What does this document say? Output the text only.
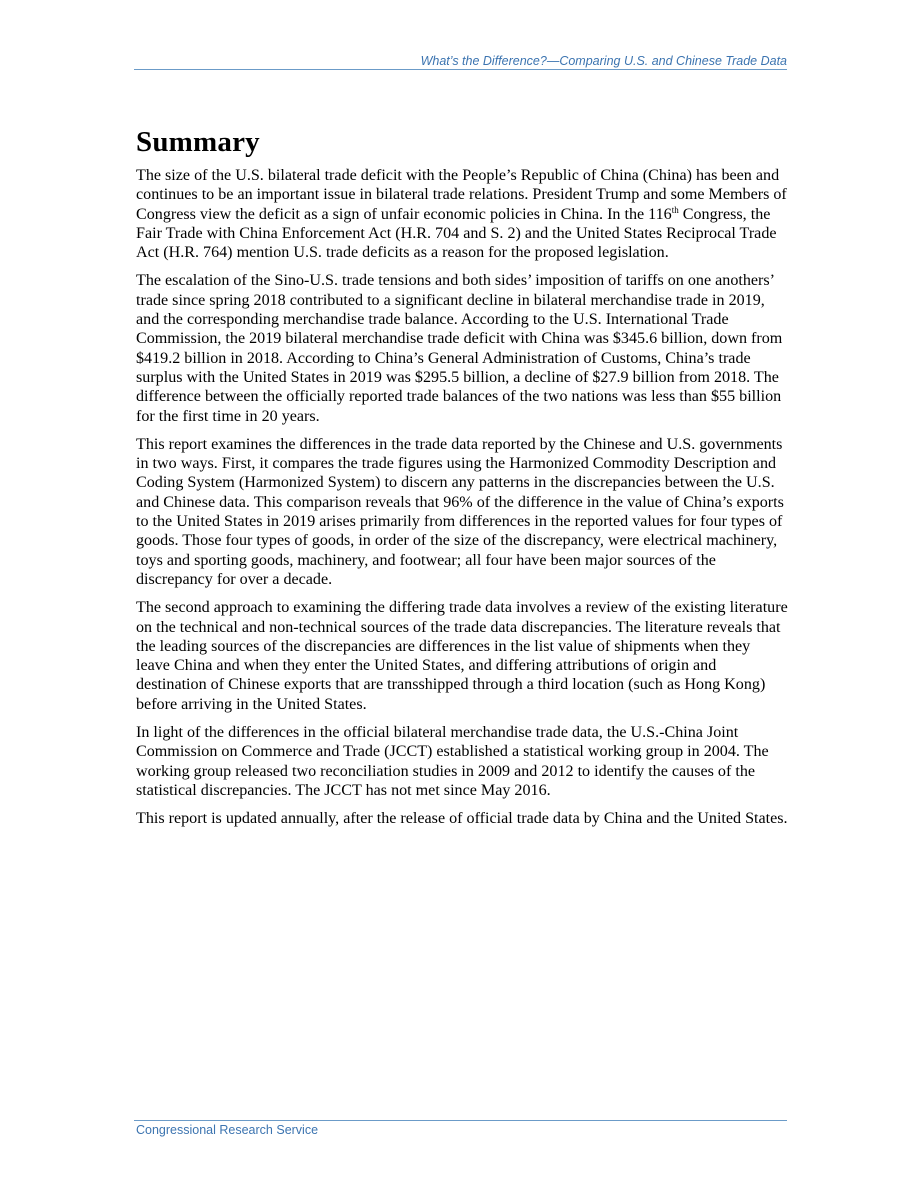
What’s the Difference?—Comparing U.S. and Chinese Trade Data
Summary

The size of the U.S. bilateral trade deficit with the People’s Republic of China (China) has been and continues to be an important issue in bilateral trade relations. President Trump and some Members of Congress view the deficit as a sign of unfair economic policies in China. In the 116th Congress, the Fair Trade with China Enforcement Act (H.R. 704 and S. 2) and the United States Reciprocal Trade Act (H.R. 764) mention U.S. trade deficits as a reason for the proposed legislation.

The escalation of the Sino-U.S. trade tensions and both sides’ imposition of tariffs on one anothers’ trade since spring 2018 contributed to a significant decline in bilateral merchandise trade in 2019, and the corresponding merchandise trade balance. According to the U.S. International Trade Commission, the 2019 bilateral merchandise trade deficit with China was $345.6 billion, down from $419.2 billion in 2018. According to China’s General Administration of Customs, China’s trade surplus with the United States in 2019 was $295.5 billion, a decline of $27.9 billion from 2018. The difference between the officially reported trade balances of the two nations was less than $55 billion for the first time in 20 years.

This report examines the differences in the trade data reported by the Chinese and U.S. governments in two ways. First, it compares the trade figures using the Harmonized Commodity Description and Coding System (Harmonized System) to discern any patterns in the discrepancies between the U.S. and Chinese data. This comparison reveals that 96% of the difference in the value of China’s exports to the United States in 2019 arises primarily from differences in the reported values for four types of goods. Those four types of goods, in order of the size of the discrepancy, were electrical machinery, toys and sporting goods, machinery, and footwear; all four have been major sources of the discrepancy for over a decade.

The second approach to examining the differing trade data involves a review of the existing literature on the technical and non-technical sources of the trade data discrepancies. The literature reveals that the leading sources of the discrepancies are differences in the list value of shipments when they leave China and when they enter the United States, and differing attributions of origin and destination of Chinese exports that are transshipped through a third location (such as Hong Kong) before arriving in the United States.

In light of the differences in the official bilateral merchandise trade data, the U.S.-China Joint Commission on Commerce and Trade (JCCT) established a statistical working group in 2004. The working group released two reconciliation studies in 2009 and 2012 to identify the causes of the statistical discrepancies. The JCCT has not met since May 2016.

This report is updated annually, after the release of official trade data by China and the United States.

Congressional Research Service
